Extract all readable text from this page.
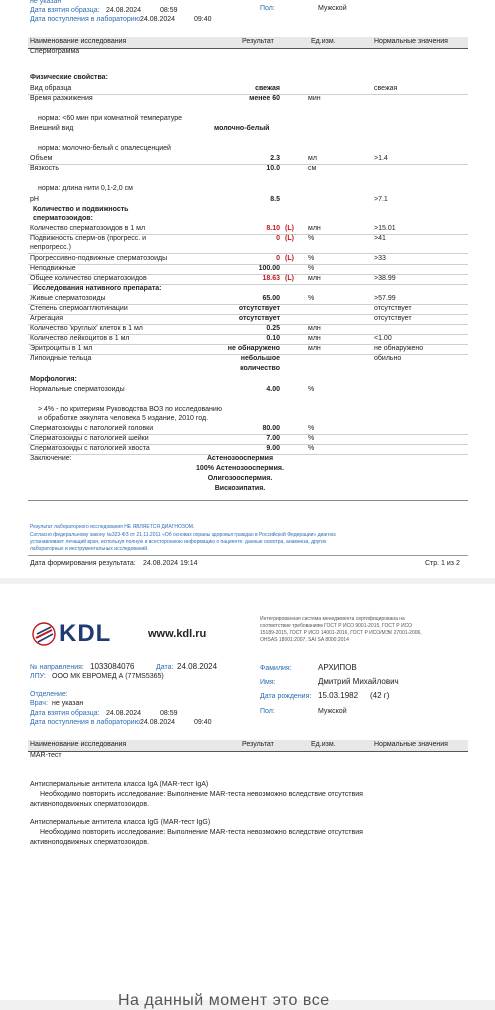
не указан
Дата взятия образца: 24.08.2024	08:59
Дата поступления в лабораторию:
24.08.2024	09:40
Пол:	Мужской
Наименование исследования	Результат	Ед.изм.	Нормальные значения
Спермограмма
Физические свойства:
Вид образца	свежая	свежая
Время разжижения	менее 60	мин
норма: <60 мин при комнатной температуре
Внешний вид	молочно-белый
норма: молочно-белый с опалесценцией
Объем	2.3	мл	>1.4
Вязкость	10.0	см
норма: длина нити 0,1-2,0 см
pH	8.5	>7.1
Количество и подвижность
сперматозоидов:
Количество сперматозоидов в 1 мл	8.10 (L) млн	>15.01
Подвижность сперм-ов (прогресс. и	0 (L) %	>41
непрогресс.)
Прогрессивно-подвижные сперматозоиды	0 (L) %	>33
Неподвижные	100.00	%
Общее количество сперматозоидов	18.63 (L) млн	>38.99
Исследования нативного препарата:
Живые сперматозоиды	65.00	%	>57.99
Степень спермоагглютинации	отсутствует	отсутствует
Агрегация	отсутствует	отсутствует
Количество 'круглых' клеток в 1 мл	0.25	млн
Количество лейкоцитов в 1 мл	0.10	млн	<1.00
Эритроциты в 1 мл	не обнаружено	млн	не обнаружено
Липоидные тельца	небольшое	обильно
количество
Морфология:
Нормальные сперматозоиды	4.00	%
> 4% - по критериям Руководства ВОЗ по исследованию
и обработке эякулята человека 5 издание, 2010 год.
Сперматозоиды с патологией головки	80.00	%
Сперматозоиды с патологией шейки	7.00	%
Сперматозоиды с патологией хвоста	9.00	%
Заключение:	Астенозооспермия
100% Астенозооспермия.
Олигозооспермия.
Вискозипатия.
Результат лабораторного исследования НЕ ЯВЛЯЕТСЯ ДИАГНОЗОМ.
Согласно федеральному закону №323-ФЗ от 21.11.2011 «Об основах охраны здоровья граждан в Российской Федерации» диагноз
устанавливает лечащий врач, используя полную и всестороннюю информацию о пациенте: данные осмотра, анамнеза, других
лабораторных и инструментальных исследований.
Дата формирования результата: 24.08.2024 19:14	Стр. 1 из 2
KDL	www.kdl.ru
Интегрированная система менеджмента сертифицирована на
соответствие требованиям ГОСТ Р ИСО 9001-2015, ГОСТ Р ИСО
15189-2015, ГОСТ Р ИСО 14001-2016, ГОСТ Р ИСО/МЭК 27001-2006,
OHSAS 18001:2007, SAI SA 8000:2014
№ направления: 1033084076	Дата: 24.08.2024
ЛПУ: ООО МК ЕВРОМЕД А (77MS5365)
Отделение:
Врач: не указан
Дата взятия образца: 24.08.2024	08:59
Дата поступления в лабораторию:
24.08.2024	09:40
Фамилия:	АРХИПОВ
Имя:	Дмитрий Михайлович
Дата рождения: 15.03.1982 (42 г)
Пол:	Мужской
Наименование исследования	Результат	Ед.изм.	Нормальные значения
MAR-тест
Антиспермальные антитела класса IgA (MAR-тест IgA)
Необходимо повторить исследование: Выполнение MAR-теста невозможно вследствие отсутствия
активноподвижных сперматозоидов.
Антиспермальные антитела класса IgG (MAR-тест IgG)
Необходимо повторить исследование: Выполнение MAR-теста невозможно вследствие отсутствия
активноподвижных сперматозоидов.
На данный момент это все
